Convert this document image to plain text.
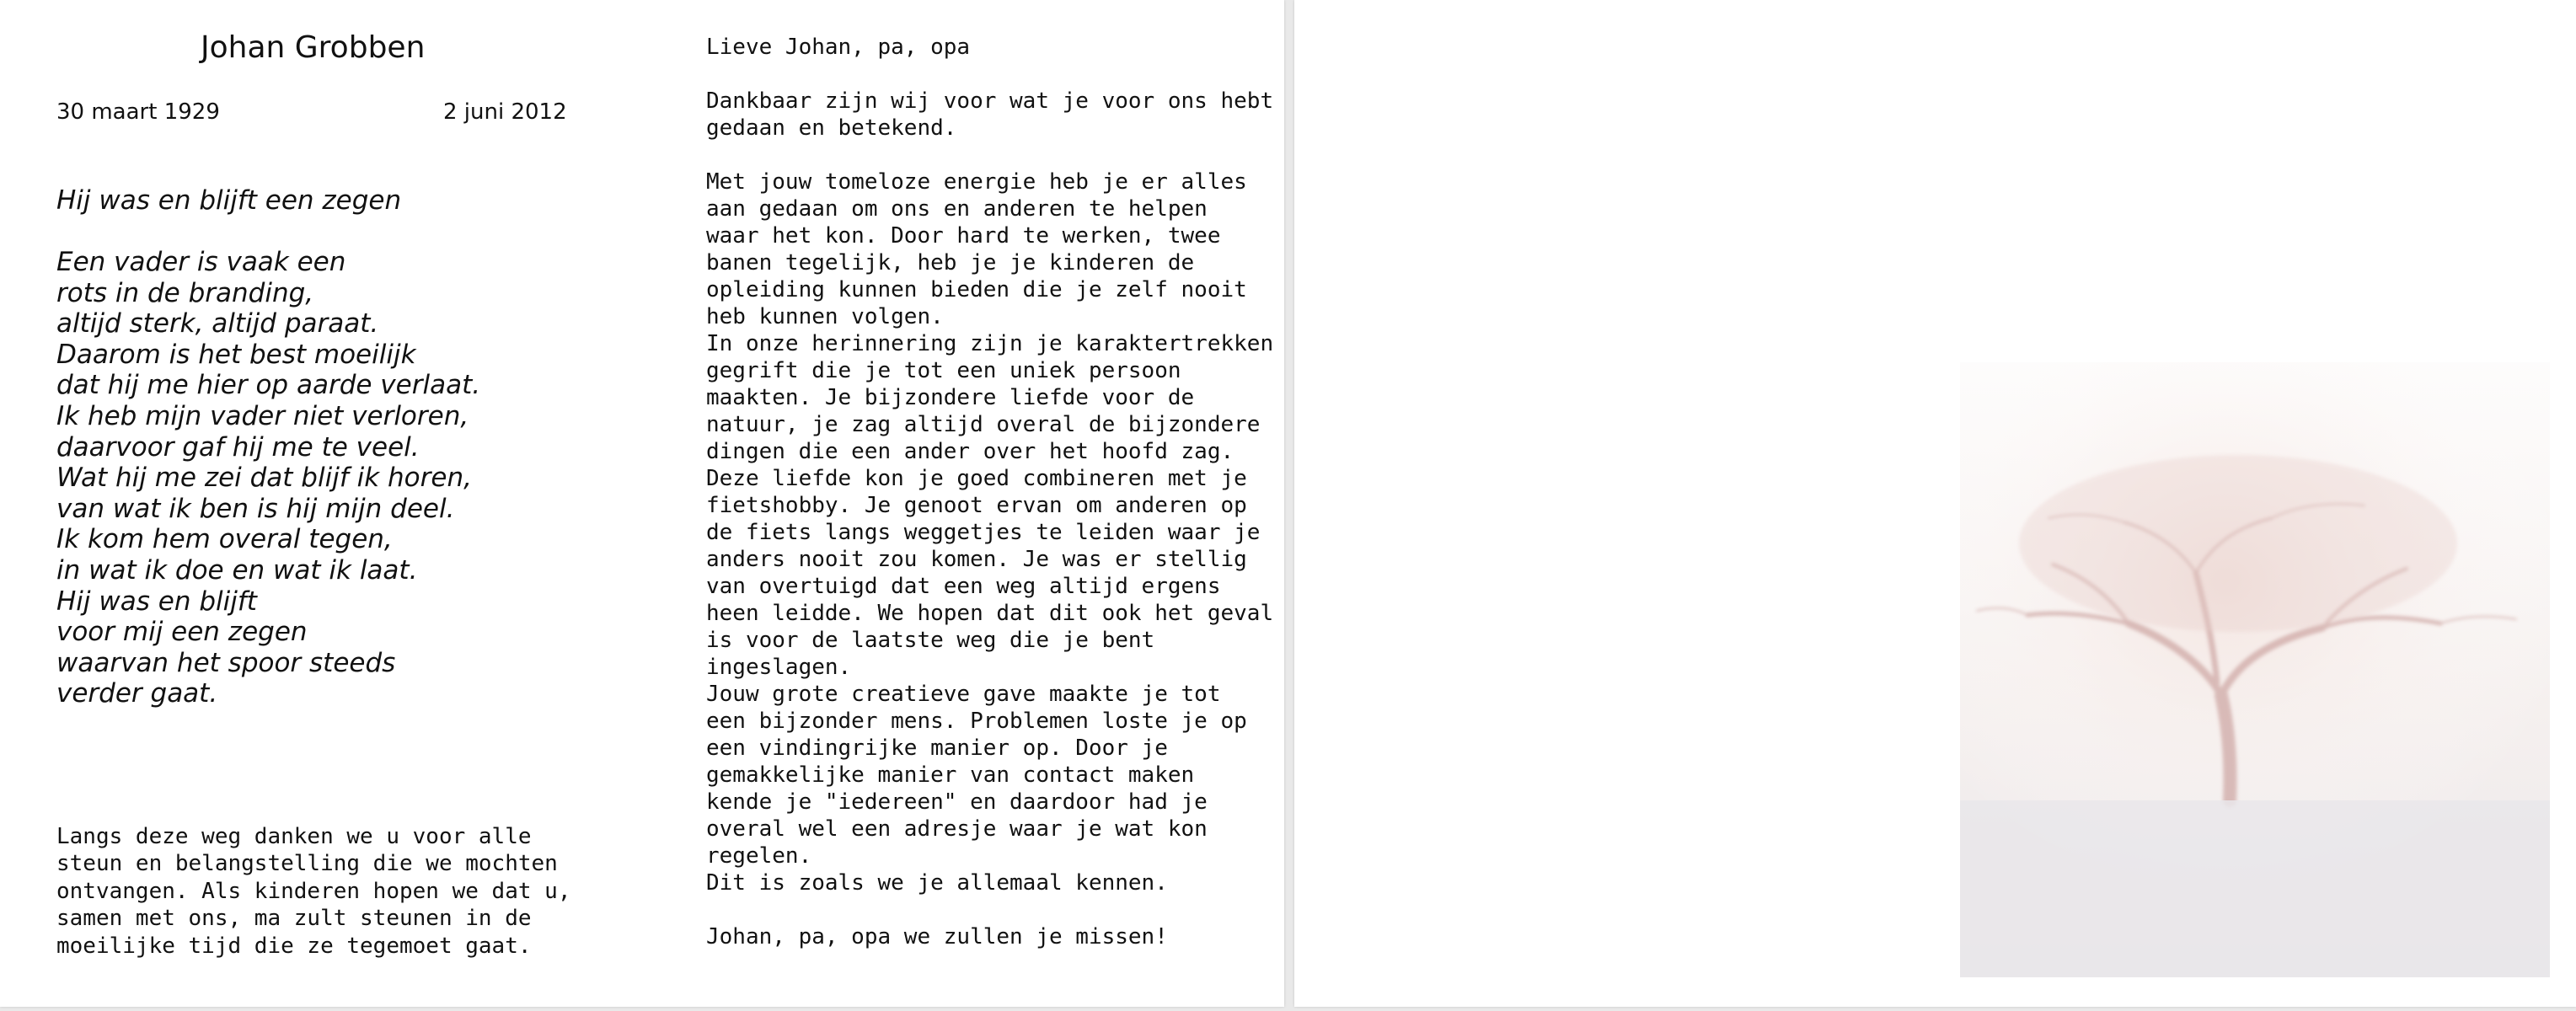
Johan Grobben
30 maart 1929	2 juni 2012
Hij was en blijft een zegen
Een vader is vaak een
rots in de branding,
altijd sterk, altijd paraat.
Daarom is het best moeilijk
dat hij me hier op aarde verlaat.
Ik heb mijn vader niet verloren,
daarvoor gaf hij me te veel.
Wat hij me zei dat blijf ik horen,
van wat ik ben is hij mijn deel.
Ik kom hem overal tegen,
in wat ik doe en wat ik laat.
Hij was en blijft
voor mij een zegen
waarvan het spoor steeds
verder gaat.
Langs deze weg danken we u voor alle
steun en belangstelling die we mochten
ontvangen. Als kinderen hopen we dat u,
samen met ons, ma zult steunen in de
moeilijke tijd die ze tegemoet gaat.
Lieve Johan, pa, opa
Dankbaar zijn wij voor wat je voor ons hebt
gedaan en betekend.
Met jouw tomeloze energie heb je er alles
aan gedaan om ons en anderen te helpen
waar het kon. Door hard te werken, twee
banen tegelijk, heb je je kinderen de
opleiding kunnen bieden die je zelf nooit
heb kunnen volgen.
In onze herinnering zijn je karaktertrekken
gegrift die je tot een uniek persoon
maakten. Je bijzondere liefde voor de
natuur, je zag altijd overal de bijzondere
dingen die een ander over het hoofd zag.
Deze liefde kon je goed combineren met je
fietshobby. Je genoot ervan om anderen op
de fiets langs weggetjes te leiden waar je
anders nooit zou komen. Je was er stellig
van overtuigd dat een weg altijd ergens
heen leidde. We hopen dat dit ook het geval
is voor de laatste weg die je bent
ingeslagen.
Jouw grote creatieve gave maakte je tot
een bijzonder mens. Problemen loste je op
een vindingrijke manier op. Door je
gemakkelijke manier van contact maken
kende je "iedereen" en daardoor had je
overal wel een adresje waar je wat kon
regelen.
Dit is zoals we je allemaal kennen.
Johan, pa, opa we zullen je missen!
